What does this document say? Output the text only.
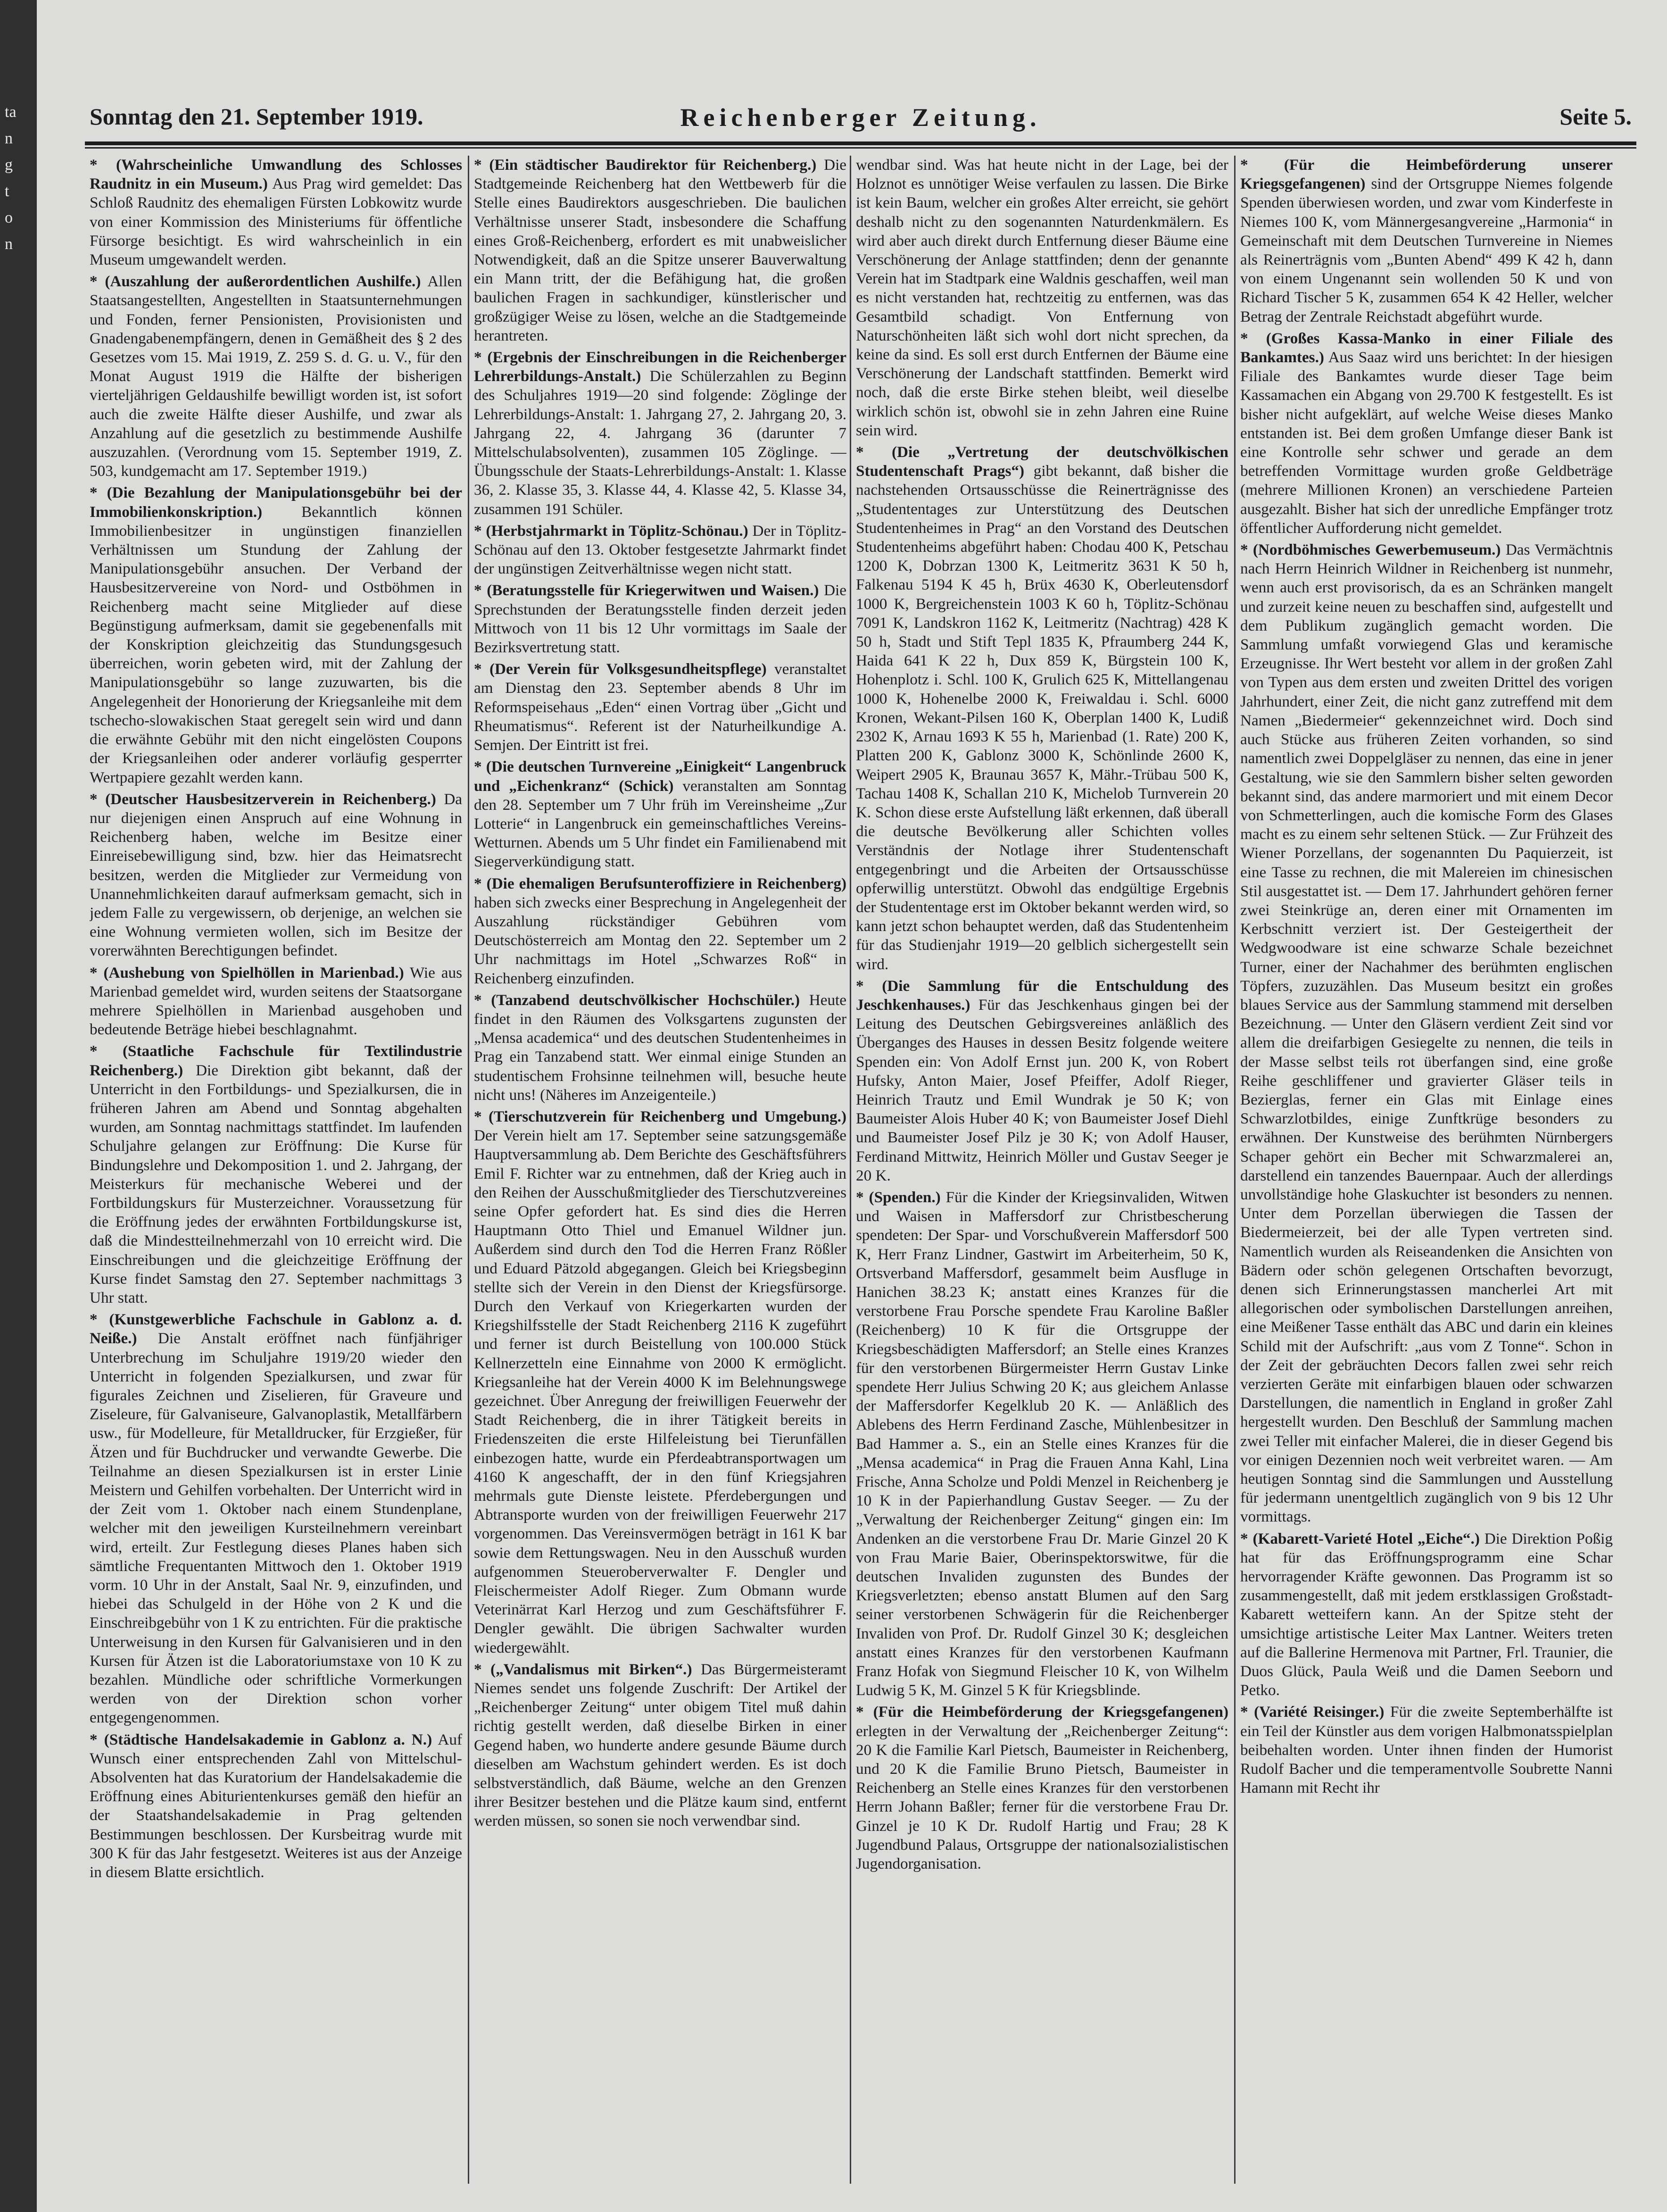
ta
n
g
t
o
n
Sonntag den 21. September 1919.	Reichenberger Zeitung.	Seite 5.

* (Wahrscheinliche Umwandlung des Schlosses Raudnitz in ein Museum.) Aus Prag wird gemeldet: Das Schloß Raudnitz des ehemaligen Fürsten Lobkowitz wurde von einer Kommission des Ministeriums für öffentliche Fürsorge besichtigt. Es wird wahrscheinlich in ein Museum umgewandelt werden.

* (Auszahlung der außerordentlichen Aushilfe.) Allen Staatsangestellten, Angestellten in Staatsunternehmungen und Fonden, ferner Pensionisten, Provisionisten und Gnadengabenempfängern, denen in Gemäßheit des § 2 des Gesetzes vom 15. Mai 1919, Z. 259 S. d. G. u. V., für den Monat August 1919 die Hälfte der bisherigen vierteljährigen Geldaushilfe bewilligt worden ist, ist sofort auch die zweite Hälfte dieser Aushilfe, und zwar als Anzahlung auf die gesetzlich zu bestimmende Aushilfe auszuzahlen. (Verordnung vom 15. September 1919, Z. 503, kundgemacht am 17. September 1919.)

* (Die Bezahlung der Manipulationsgebühr bei der Immobilienkonskription.) Bekanntlich können Immobilienbesitzer in ungünstigen finanziellen Verhältnissen um Stundung der Zahlung der Manipulationsgebühr ansuchen. Der Verband der Hausbesitzervereine von Nord- und Ostböhmen in Reichenberg macht seine Mitglieder auf diese Begünstigung aufmerksam, damit sie gegebenenfalls mit der Konskription gleichzeitig das Stundungsgesuch überreichen, worin gebeten wird, mit der Zahlung der Manipulationsgebühr so lange zuzuwarten, bis die Angelegenheit der Honorierung der Kriegsanleihe mit dem tschecho-slowakischen Staat geregelt sein wird und dann die erwähnte Gebühr mit den nicht eingelösten Coupons der Kriegsanleihen oder anderer vorläufig gesperrter Wertpapiere gezahlt werden kann.

* (Deutscher Hausbesitzerverein in Reichenberg.) Da nur diejenigen einen Anspruch auf eine Wohnung in Reichenberg haben, welche im Besitze einer Einreisebewilligung sind, bzw. hier das Heimatsrecht besitzen, werden die Mitglieder zur Vermeidung von Unannehmlichkeiten darauf aufmerksam gemacht, sich in jedem Falle zu vergewissern, ob derjenige, an welchen sie eine Wohnung vermieten wollen, sich im Besitze der vorerwähnten Berechtigungen befindet.

* (Aushebung von Spielhöllen in Marienbad.) Wie aus Marienbad gemeldet wird, wurden seitens der Staatsorgane mehrere Spielhöllen in Marienbad ausgehoben und bedeutende Beträge hiebei beschlagnahmt.

* (Staatliche Fachschule für Textilindustrie Reichenberg.) Die Direktion gibt bekannt, daß der Unterricht in den Fortbildungs- und Spezialkursen, die in früheren Jahren am Abend und Sonntag abgehalten wurden, am Sonntag nachmittags stattfindet. Im laufenden Schuljahre gelangen zur Eröffnung: Die Kurse für Bindungslehre und Dekomposition 1. und 2. Jahrgang, der Meisterkurs für mechanische Weberei und der Fortbildungskurs für Musterzeichner. Voraussetzung für die Eröffnung jedes der erwähnten Fortbildungskurse ist, daß die Mindestteilnehmerzahl von 10 erreicht wird. Die Einschreibungen und die gleichzeitige Eröffnung der Kurse findet Samstag den 27. September nachmittags 3 Uhr statt.

* (Kunstgewerbliche Fachschule in Gablonz a. d. Neiße.) Die Anstalt eröffnet nach fünfjähriger Unterbrechung im Schuljahre 1919/20 wieder den Unterricht in folgenden Spezialkursen, und zwar für figurales Zeichnen und Ziselieren, für Graveure und Ziseleure, für Galvaniseure, Galvanoplastik, Metallfärbern usw., für Modelleure, für Metalldrucker, für Erzgießer, für Ätzen und für Buchdrucker und verwandte Gewerbe. Die Teilnahme an diesen Spezialkursen ist in erster Linie Meistern und Gehilfen vorbehalten. Der Unterricht wird in der Zeit vom 1. Oktober nach einem Stundenplane, welcher mit den jeweiligen Kursteilnehmern vereinbart wird, erteilt. Zur Festlegung dieses Planes haben sich sämtliche Frequentanten Mittwoch den 1. Oktober 1919 vorm. 10 Uhr in der Anstalt, Saal Nr. 9, einzufinden, und hiebei das Schulgeld in der Höhe von 2 K und die Einschreibgebühr von 1 K zu entrichten. Für die praktische Unterweisung in den Kursen für Galvanisieren und in den Kursen für Ätzen ist die Laboratoriumstaxe von 10 K zu bezahlen. Mündliche oder schriftliche Vormerkungen werden von der Direktion schon vorher entgegengenommen.

* (Städtische Handelsakademie in Gablonz a. N.) Auf Wunsch einer entsprechenden Zahl von Mittelschul-Absolventen hat das Kuratorium der Handelsakademie die Eröffnung eines Abiturientenkurses gemäß den hiefür an der Staatshandelsakademie in Prag geltenden Bestimmungen beschlossen. Der Kursbeitrag wurde mit 300 K für das Jahr festgesetzt. Weiteres ist aus der Anzeige in diesem Blatte ersichtlich.

* (Ein städtischer Baudirektor für Reichenberg.) Die Stadtgemeinde Reichenberg hat den Wettbewerb für die Stelle eines Baudirektors ausgeschrieben. Die baulichen Verhältnisse unserer Stadt, insbesondere die Schaffung eines Groß-Reichenberg, erfordert es mit unabweislicher Notwendigkeit, daß an die Spitze unserer Bauverwaltung ein Mann tritt, der die Befähigung hat, die großen baulichen Fragen in sachkundiger, künstlerischer und großzügiger Weise zu lösen, welche an die Stadtgemeinde herantreten.

* (Ergebnis der Einschreibungen in die Reichenberger Lehrerbildungs-Anstalt.) Die Schülerzahlen zu Beginn des Schuljahres 1919—20 sind folgende: Zöglinge der Lehrerbildungs-Anstalt: 1. Jahrgang 27, 2. Jahrgang 20, 3. Jahrgang 22, 4. Jahrgang 36 (darunter 7 Mittelschulabsolventen), zusammen 105 Zöglinge. — Übungsschule der Staats-Lehrerbildungs-Anstalt: 1. Klasse 36, 2. Klasse 35, 3. Klasse 44, 4. Klasse 42, 5. Klasse 34, zusammen 191 Schüler.

* (Herbstjahrmarkt in Töplitz-Schönau.) Der in Töplitz-Schönau auf den 13. Oktober festgesetzte Jahrmarkt findet der ungünstigen Zeitverhältnisse wegen nicht statt.

* (Beratungsstelle für Kriegerwitwen und Waisen.) Die Sprechstunden der Beratungsstelle finden derzeit jeden Mittwoch von 11 bis 12 Uhr vormittags im Saale der Bezirksvertretung statt.

* (Der Verein für Volksgesundheitspflege) veranstaltet am Dienstag den 23. September abends 8 Uhr im Reformspeisehaus „Eden“ einen Vortrag über „Gicht und Rheumatismus“. Referent ist der Naturheilkundige A. Semjen. Der Eintritt ist frei.

* (Die deutschen Turnvereine „Einigkeit“ Langenbruck und „Eichenkranz“ (Schick) veranstalten am Sonntag den 28. September um 7 Uhr früh im Vereinsheime „Zur Lotterie“ in Langenbruck ein gemeinschaftliches Vereins-Wetturnen. Abends um 5 Uhr findet ein Familienabend mit Siegerverkündigung statt.

* (Die ehemaligen Berufsunteroffiziere in Reichenberg) haben sich zwecks einer Besprechung in Angelegenheit der Auszahlung rückständiger Gebühren vom Deutschösterreich am Montag den 22. September um 2 Uhr nachmittags im Hotel „Schwarzes Roß“ in Reichenberg einzufinden.

* (Tanzabend deutschvölkischer Hochschüler.) Heute findet in den Räumen des Volksgartens zugunsten der „Mensa academica“ und des deutschen Studentenheimes in Prag ein Tanzabend statt. Wer einmal einige Stunden an studentischem Frohsinne teilnehmen will, besuche heute nicht uns! (Näheres im Anzeigenteile.)

* (Tierschutzverein für Reichenberg und Umgebung.) Der Verein hielt am 17. September seine satzungsgemäße Hauptversammlung ab. Dem Berichte des Geschäftsführers Emil F. Richter war zu entnehmen, daß der Krieg auch in den Reihen der Ausschußmitglieder des Tierschutzvereines seine Opfer gefordert hat. Es sind dies die Herren Hauptmann Otto Thiel und Emanuel Wildner jun. Außerdem sind durch den Tod die Herren Franz Rößler und Eduard Pätzold abgegangen. Gleich bei Kriegsbeginn stellte sich der Verein in den Dienst der Kriegsfürsorge. Durch den Verkauf von Kriegerkarten wurden der Kriegshilfsstelle der Stadt Reichenberg 2116 K zugeführt und ferner ist durch Beistellung von 100.000 Stück Kellnerzetteln eine Einnahme von 2000 K ermöglicht. Kriegsanleihe hat der Verein 4000 K im Belehnungswege gezeichnet. Über Anregung der freiwilligen Feuerwehr der Stadt Reichenberg, die in ihrer Tätigkeit bereits in Friedenszeiten die erste Hilfeleistung bei Tierunfällen einbezogen hatte, wurde ein Pferdeabtransportwagen um 4160 K angeschafft, der in den fünf Kriegsjahren mehrmals gute Dienste leistete. Pferdebergungen und Abtransporte wurden von der freiwilligen Feuerwehr 217 vorgenommen. Das Vereinsvermögen beträgt in 161 K bar sowie dem Rettungswagen. Neu in den Ausschuß wurden aufgenommen Steueroberverwalter F. Dengler und Fleischermeister Adolf Rieger. Zum Obmann wurde Veterinärrat Karl Herzog und zum Geschäftsführer F. Dengler gewählt. Die übrigen Sachwalter wurden wiedergewählt.

* („Vandalismus mit Birken“.) Das Bürgermeisteramt Niemes sendet uns folgende Zuschrift: Der Artikel der „Reichenberger Zeitung“ unter obigem Titel muß dahin richtig gestellt werden, daß dieselbe Birken in einer Gegend haben, wo hunderte andere gesunde Bäume durch dieselben am Wachstum gehindert werden. Es ist doch selbstverständlich, daß Bäume, welche an den Grenzen ihrer Besitzer bestehen und die Plätze kaum sind, entfernt werden müssen, so sonen sie noch verwendbar sind.

wendbar sind. Was hat heute nicht in der Lage, bei der Holznot es unnötiger Weise verfaulen zu lassen. Die Birke ist kein Baum, welcher ein großes Alter erreicht, sie gehört deshalb nicht zu den sogenannten Naturdenkmälern. Es wird aber auch direkt durch Entfernung dieser Bäume eine Verschönerung der Anlage stattfinden; denn der genannte Verein hat im Stadtpark eine Waldnis geschaffen, weil man es nicht verstanden hat, rechtzeitig zu entfernen, was das Gesamtbild schadigt. Von Entfernung von Naturschönheiten läßt sich wohl dort nicht sprechen, da keine da sind. Es soll erst durch Entfernen der Bäume eine Verschönerung der Landschaft stattfinden. Bemerkt wird noch, daß die erste Birke stehen bleibt, weil dieselbe wirklich schön ist, obwohl sie in zehn Jahren eine Ruine sein wird.

* (Die „Vertretung der deutschvölkischen Studentenschaft Prags“) gibt bekannt, daß bisher die nachstehenden Ortsausschüsse die Reinerträgnisse des „Studententages zur Unterstützung des Deutschen Studentenheimes in Prag“ an den Vorstand des Deutschen Studentenheims abgeführt haben: Chodau 400 K, Petschau 1200 K, Dobrzan 1300 K, Leitmeritz 3631 K 50 h, Falkenau 5194 K 45 h, Brüx 4630 K, Oberleutensdorf 1000 K, Bergreichenstein 1003 K 60 h, Töplitz-Schönau 7091 K, Landskron 1162 K, Leitmeritz (Nachtrag) 428 K 50 h, Stadt und Stift Tepl 1835 K, Pfraumberg 244 K, Haida 641 K 22 h, Dux 859 K, Bürgstein 100 K, Hohenplotz i. Schl. 100 K, Grulich 625 K, Mittellangenau 1000 K, Hohenelbe 2000 K, Freiwaldau i. Schl. 6000 Kronen, Wekant-Pilsen 160 K, Oberplan 1400 K, Ludiß 2302 K, Arnau 1693 K 55 h, Marienbad (1. Rate) 200 K, Platten 200 K, Gablonz 3000 K, Schönlinde 2600 K, Weipert 2905 K, Braunau 3657 K, Mähr.-Trübau 500 K, Tachau 1408 K, Schallan 210 K, Michelob Turnverein 20 K. Schon diese erste Aufstellung läßt erkennen, daß überall die deutsche Bevölkerung aller Schichten volles Verständnis der Notlage ihrer Studentenschaft entgegenbringt und die Arbeiten der Ortsausschüsse opferwillig unterstützt. Obwohl das endgültige Ergebnis der Studententage erst im Oktober bekannt werden wird, so kann jetzt schon behauptet werden, daß das Studentenheim für das Studienjahr 1919—20 gelblich sichergestellt sein wird.

* (Die Sammlung für die Entschuldung des Jeschkenhauses.) Für das Jeschkenhaus gingen bei der Leitung des Deutschen Gebirgsvereines anläßlich des Überganges des Hauses in dessen Besitz folgende weitere Spenden ein: Von Adolf Ernst jun. 200 K, von Robert Hufsky, Anton Maier, Josef Pfeiffer, Adolf Rieger, Heinrich Trautz und Emil Wundrak je 50 K; von Baumeister Alois Huber 40 K; von Baumeister Josef Diehl und Baumeister Josef Pilz je 30 K; von Adolf Hauser, Ferdinand Mittwitz, Heinrich Möller und Gustav Seeger je 20 K.

* (Spenden.) Für die Kinder der Kriegsinvaliden, Witwen und Waisen in Maffersdorf zur Christbescherung spendeten: Der Spar- und Vorschußverein Maffersdorf 500 K, Herr Franz Lindner, Gastwirt im Arbeiterheim, 50 K, Ortsverband Maffersdorf, gesammelt beim Ausfluge in Hanichen 38.23 K; anstatt eines Kranzes für die verstorbene Frau Porsche spendete Frau Karoline Baßler (Reichenberg) 10 K für die Ortsgruppe der Kriegsbeschädigten Maffersdorf; an Stelle eines Kranzes für den verstorbenen Bürgermeister Herrn Gustav Linke spendete Herr Julius Schwing 20 K; aus gleichem Anlasse der Maffersdorfer Kegelklub 20 K. — Anläßlich des Ablebens des Herrn Ferdinand Zasche, Mühlenbesitzer in Bad Hammer a. S., ein an Stelle eines Kranzes für die „Mensa academica“ in Prag die Frauen Anna Kahl, Lina Frische, Anna Scholze und Poldi Menzel in Reichenberg je 10 K in der Papierhandlung Gustav Seeger. — Zu der „Verwaltung der Reichenberger Zeitung“ gingen ein: Im Andenken an die verstorbene Frau Dr. Marie Ginzel 20 K von Frau Marie Baier, Oberinspektorswitwe, für die deutschen Invaliden zugunsten des Bundes der Kriegsverletzten; ebenso anstatt Blumen auf den Sarg seiner verstorbenen Schwägerin für die Reichenberger Invaliden von Prof. Dr. Rudolf Ginzel 30 K; desgleichen anstatt eines Kranzes für den verstorbenen Kaufmann Franz Hofak von Siegmund Fleischer 10 K, von Wilhelm Ludwig 5 K, M. Ginzel 5 K für Kriegsblinde.

* (Für die Heimbeförderung der Kriegsgefangenen) erlegten in der Verwaltung der „Reichenberger Zeitung“: 20 K die Familie Karl Pietsch, Baumeister in Reichenberg, und 20 K die Familie Bruno Pietsch, Baumeister in Reichenberg an Stelle eines Kranzes für den verstorbenen Herrn Johann Baßler; ferner für die verstorbene Frau Dr. Ginzel je 10 K Dr. Rudolf Hartig und Frau; 28 K Jugendbund Palaus, Ortsgruppe der nationalsozialistischen Jugendorganisation.

* (Für die Heimbeförderung unserer Kriegsgefangenen) sind der Ortsgruppe Niemes folgende Spenden überwiesen worden, und zwar vom Kinderfeste in Niemes 100 K, vom Männergesangvereine „Harmonia“ in Gemeinschaft mit dem Deutschen Turnvereine in Niemes als Reinerträgnis vom „Bunten Abend“ 499 K 42 h, dann von einem Ungenannt sein wollenden 50 K und von Richard Tischer 5 K, zusammen 654 K 42 Heller, welcher Betrag der Zentrale Reichstadt abgeführt wurde.

* (Großes Kassa-Manko in einer Filiale des Bankamtes.) Aus Saaz wird uns berichtet: In der hiesigen Filiale des Bankamtes wurde dieser Tage beim Kassamachen ein Abgang von 29.700 K festgestellt. Es ist bisher nicht aufgeklärt, auf welche Weise dieses Manko entstanden ist. Bei dem großen Umfange dieser Bank ist eine Kontrolle sehr schwer und gerade an dem betreffenden Vormittage wurden große Geldbeträge (mehrere Millionen Kronen) an verschiedene Parteien ausgezahlt. Bisher hat sich der unredliche Empfänger trotz öffentlicher Aufforderung nicht gemeldet.

* (Nordböhmisches Gewerbemuseum.) Das Vermächtnis nach Herrn Heinrich Wildner in Reichenberg ist nunmehr, wenn auch erst provisorisch, da es an Schränken mangelt und zurzeit keine neuen zu beschaffen sind, aufgestellt und dem Publikum zugänglich gemacht worden. Die Sammlung umfaßt vorwiegend Glas und keramische Erzeugnisse. Ihr Wert besteht vor allem in der großen Zahl von Typen aus dem ersten und zweiten Drittel des vorigen Jahrhundert, einer Zeit, die nicht ganz zutreffend mit dem Namen „Biedermeier“ gekennzeichnet wird. Doch sind auch Stücke aus früheren Zeiten vorhanden, so sind namentlich zwei Doppelgläser zu nennen, das eine in jener Gestaltung, wie sie den Sammlern bisher selten geworden bekannt sind, das andere marmoriert und mit einem Decor von Schmetterlingen, auch die komische Form des Glases macht es zu einem sehr seltenen Stück. — Zur Frühzeit des Wiener Porzellans, der sogenannten Du Paquierzeit, ist eine Tasse zu rechnen, die mit Malereien im chinesischen Stil ausgestattet ist. — Dem 17. Jahrhundert gehören ferner zwei Steinkrüge an, deren einer mit Ornamenten im Kerbschnitt verziert ist. Der Gesteigertheit der Wedgwoodware ist eine schwarze Schale bezeichnet Turner, einer der Nachahmer des berühmten englischen Töpfers, zuzuzählen. Das Museum besitzt ein großes blaues Service aus der Sammlung stammend mit derselben Bezeichnung. — Unter den Gläsern verdient Zeit sind vor allem die dreifarbigen Gesiegelte zu nennen, die teils in der Masse selbst teils rot überfangen sind, eine große Reihe geschliffener und gravierter Gläser teils in Bezierglas, ferner ein Glas mit Einlage eines Schwarzlotbildes, einige Zunftkrüge besonders zu erwähnen. Der Kunstweise des berühmten Nürnbergers Schaper gehört ein Becher mit Schwarzmalerei an, darstellend ein tanzendes Bauernpaar. Auch der allerdings unvollständige hohe Glaskuchter ist besonders zu nennen. Unter dem Porzellan überwiegen die Tassen der Biedermeierzeit, bei der alle Typen vertreten sind. Namentlich wurden als Reiseandenken die Ansichten von Bädern oder schön gelegenen Ortschaften bevorzugt, denen sich Erinnerungstassen mancherlei Art mit allegorischen oder symbolischen Darstellungen anreihen, eine Meißener Tasse enthält das ABC und darin ein kleines Schild mit der Aufschrift: „aus vom Z Tonne“. Schon in der Zeit der gebräuchten Decors fallen zwei sehr reich verzierten Geräte mit einfarbigen blauen oder schwarzen Darstellungen, die namentlich in England in großer Zahl hergestellt wurden. Den Beschluß der Sammlung machen zwei Teller mit einfacher Malerei, die in dieser Gegend bis vor einigen Dezennien noch weit verbreitet waren. — Am heutigen Sonntag sind die Sammlungen und Ausstellung für jedermann unentgeltlich zugänglich von 9 bis 12 Uhr vormittags.

* (Kabarett-Varieté Hotel „Eiche“.) Die Direktion Poßig hat für das Eröffnungsprogramm eine Schar hervorragender Kräfte gewonnen. Das Programm ist so zusammengestellt, daß mit jedem erstklassigen Großstadt-Kabarett wetteifern kann. An der Spitze steht der umsichtige artistische Leiter Max Lantner. Weiters treten auf die Ballerine Hermenova mit Partner, Frl. Traunier, die Duos Glück, Paula Weiß und die Damen Seeborn und Petko.

* (Variété Reisinger.) Für die zweite Septemberhälfte ist ein Teil der Künstler aus dem vorigen Halbmonatsspielplan beibehalten worden. Unter ihnen finden der Humorist Rudolf Bacher und die temperamentvolle Soubrette Nanni Hamann mit Recht ihr
